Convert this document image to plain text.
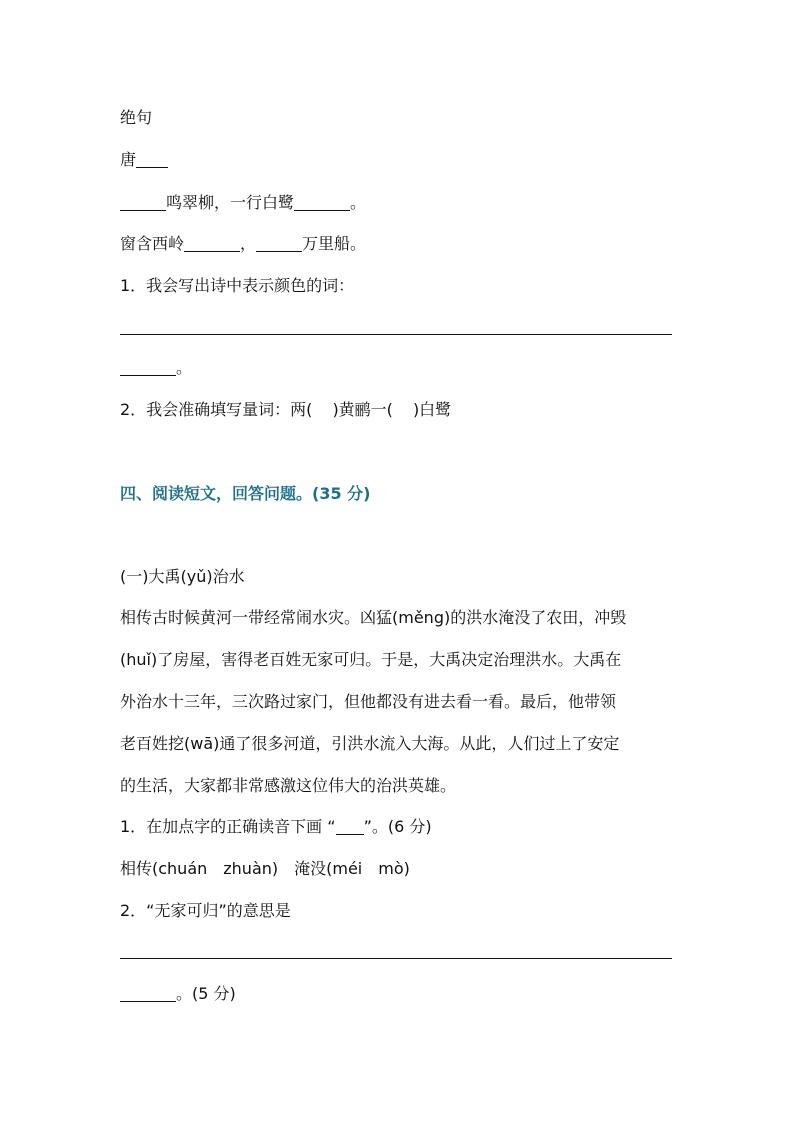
绝句
唐
鸣翠柳，一行白鹭	。
窗含西岭	，	万里船。
1．我会写出诗中表示颜色的词：
。
2．我会准确填写量词：两( )黄鹂一( )白鹭
四、阅读短文，回答问题。(35 分)
(一)大禹(yǔ)治水
相传古时候黄河一带经常闹水灾。凶猛(měng)的洪水淹没了农田，冲毁
(huǐ)了房屋，害得老百姓无家可归。于是，大禹决定治理洪水。大禹在
外治水十三年，三次路过家门，但他都没有进去看一看。最后，他带领
老百姓挖(wā)通了很多河道，引洪水流入大海。从此，人们过上了安定
的生活，大家都非常感激这位伟大的治洪英雄。
1．在加点字的正确读音下画 “ ”。(6 分)
相传(chuán　zhuàn)　淹没(méi　mò)
2．“无家可归”的意思是
。(5 分)
